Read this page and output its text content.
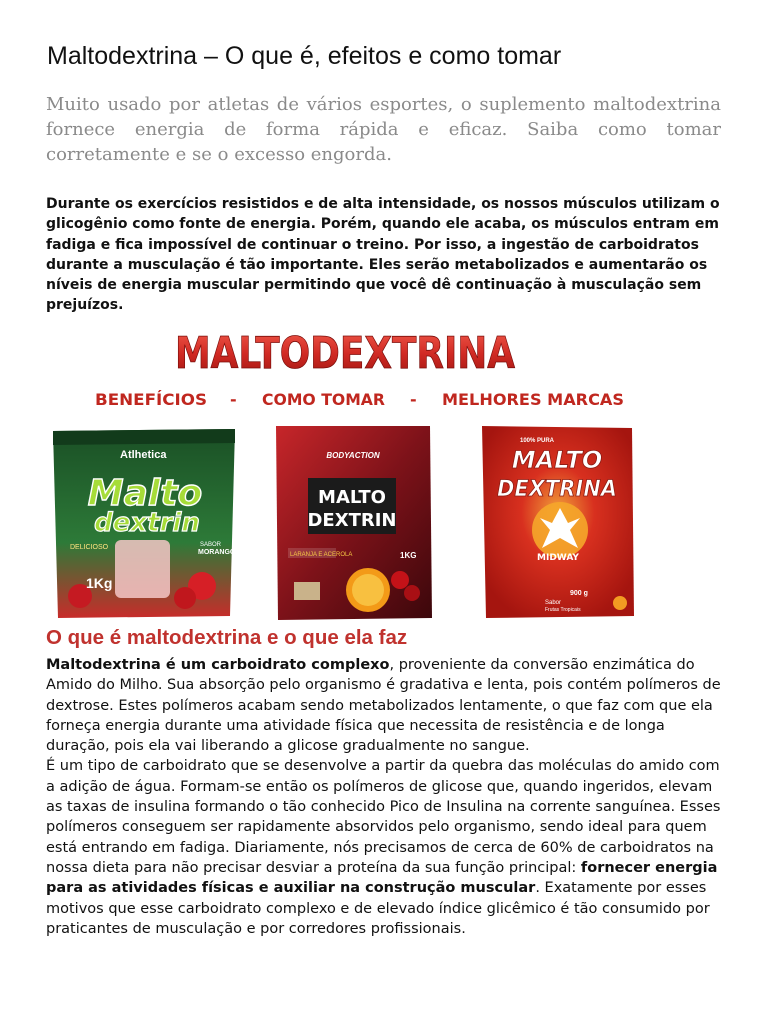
Maltodextrina – O que é, efeitos e como tomar

Muito usado por atletas de vários esportes, o suplemento maltodextrina fornece energia de forma rápida e eficaz. Saiba como tomar corretamente e se o excesso engorda.

Durante os exercícios resistidos e de alta intensidade, os nossos músculos utilizam o glicogênio como fonte de energia. Porém, quando ele acaba, os músculos entram em fadiga e fica impossível de continuar o treino. Por isso, a ingestão de carboidratos durante a musculação é tão importante. Eles serão metabolizados e aumentarão os níveis de energia muscular permitindo que você dê continuação à musculação sem prejuízos.

MALTODEXTRINA
BENEFÍCIOS - COMO TOMAR - MELHORES MARCAS
Atlhetica
Malto
dextrin
DELICIOSO	SABOR
MORANGO
1Kg
BODYACTION
MALTO
DEXTRIN
LARANJA E ACEROLA	1KG
MALTO
DEXTRINA
100% PURA
MIDWAY
900 g
Sabor
Frutas Tropicais
O que é maltodextrina e o que ela faz

Maltodextrina é um carboidrato complexo, proveniente da conversão enzimática do Amido do Milho. Sua absorção pelo organismo é gradativa e lenta, pois contém polímeros de dextrose. Estes polímeros acabam sendo metabolizados lentamente, o que faz com que ela forneça energia durante uma atividade física que necessita de resistência e de longa duração, pois ela vai liberando a glicose gradualmente no sangue.
É um tipo de carboidrato que se desenvolve a partir da quebra das moléculas do amido com a adição de água. Formam-se então os polímeros de glicose que, quando ingeridos, elevam as taxas de insulina formando o tão conhecido Pico de Insulina na corrente sanguínea. Esses polímeros conseguem ser rapidamente absorvidos pelo organismo, sendo ideal para quem está entrando em fadiga. Diariamente, nós precisamos de cerca de 60% de carboidratos na nossa dieta para não precisar desviar a proteína da sua função principal: fornecer energia para as atividades físicas e auxiliar na construção muscular. Exatamente por esses motivos que esse carboidrato complexo e de elevado índice glicêmico é tão consumido por praticantes de musculação e por corredores profissionais.
